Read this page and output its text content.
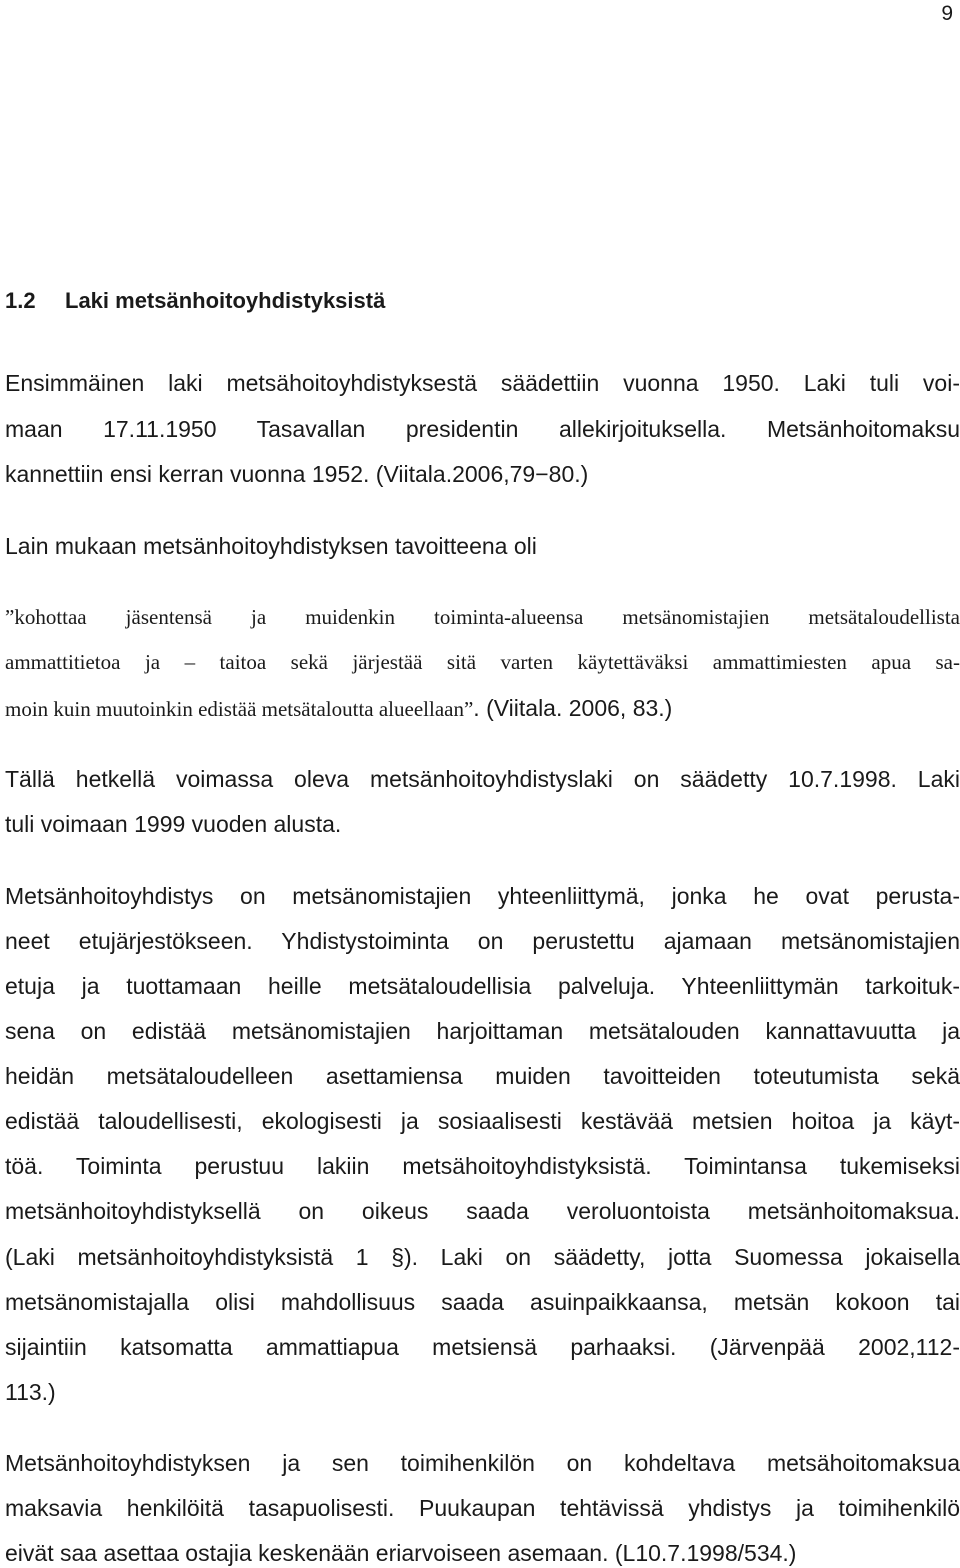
9
1.2 Laki metsänhoitoyhdistyksistä
Ensimmäinen laki metsähoitoyhdistyksestä säädettiin vuonna 1950. Laki tuli voi-
maan 17.11.1950 Tasavallan presidentin allekirjoituksella. Metsänhoitomaksu
kannettiin ensi kerran vuonna 1952. (Viitala.2006,79−80.)
Lain mukaan metsänhoitoyhdistyksen tavoitteena oli
”kohottaa jäsentensä ja muidenkin toiminta-alueensa metsänomistajien metsätaloudellista
ammattitietoa ja – taitoa sekä järjestää sitä varten käytettäväksi ammattimiesten apua sa-
moin kuin muutoinkin edistää metsätaloutta alueellaan”. (Viitala. 2006, 83.)
Tällä hetkellä voimassa oleva metsänhoitoyhdistyslaki on säädetty 10.7.1998. Laki
tuli voimaan 1999 vuoden alusta.
Metsänhoitoyhdistys on metsänomistajien yhteenliittymä, jonka he ovat perusta-
neet etujärjestökseen. Yhdistystoiminta on perustettu ajamaan metsänomistajien
etuja ja tuottamaan heille metsätaloudellisia palveluja. Yhteenliittymän tarkoituk-
sena on edistää metsänomistajien harjoittaman metsätalouden kannattavuutta ja
heidän metsätaloudelleen asettamiensa muiden tavoitteiden toteutumista sekä
edistää taloudellisesti, ekologisesti ja sosiaalisesti kestävää metsien hoitoa ja käyt-
töä. Toiminta perustuu lakiin metsähoitoyhdistyksistä. Toimintansa tukemiseksi
metsänhoitoyhdistyksellä on oikeus saada veroluontoista metsänhoitomaksua.
(Laki metsänhoitoyhdistyksistä 1 §). Laki on säädetty, jotta Suomessa jokaisella
metsänomistajalla olisi mahdollisuus saada asuinpaikkaansa, metsän kokoon tai
sijaintiin katsomatta ammattiapua metsiensä parhaaksi. (Järvenpää 2002,112-
113.)
Metsänhoitoyhdistyksen ja sen toimihenkilön on kohdeltava metsähoitomaksua
maksavia henkilöitä tasapuolisesti. Puukaupan tehtävissä yhdistys ja toimihenkilö
eivät saa asettaa ostajia keskenään eriarvoiseen asemaan. (L10.7.1998/534.)
